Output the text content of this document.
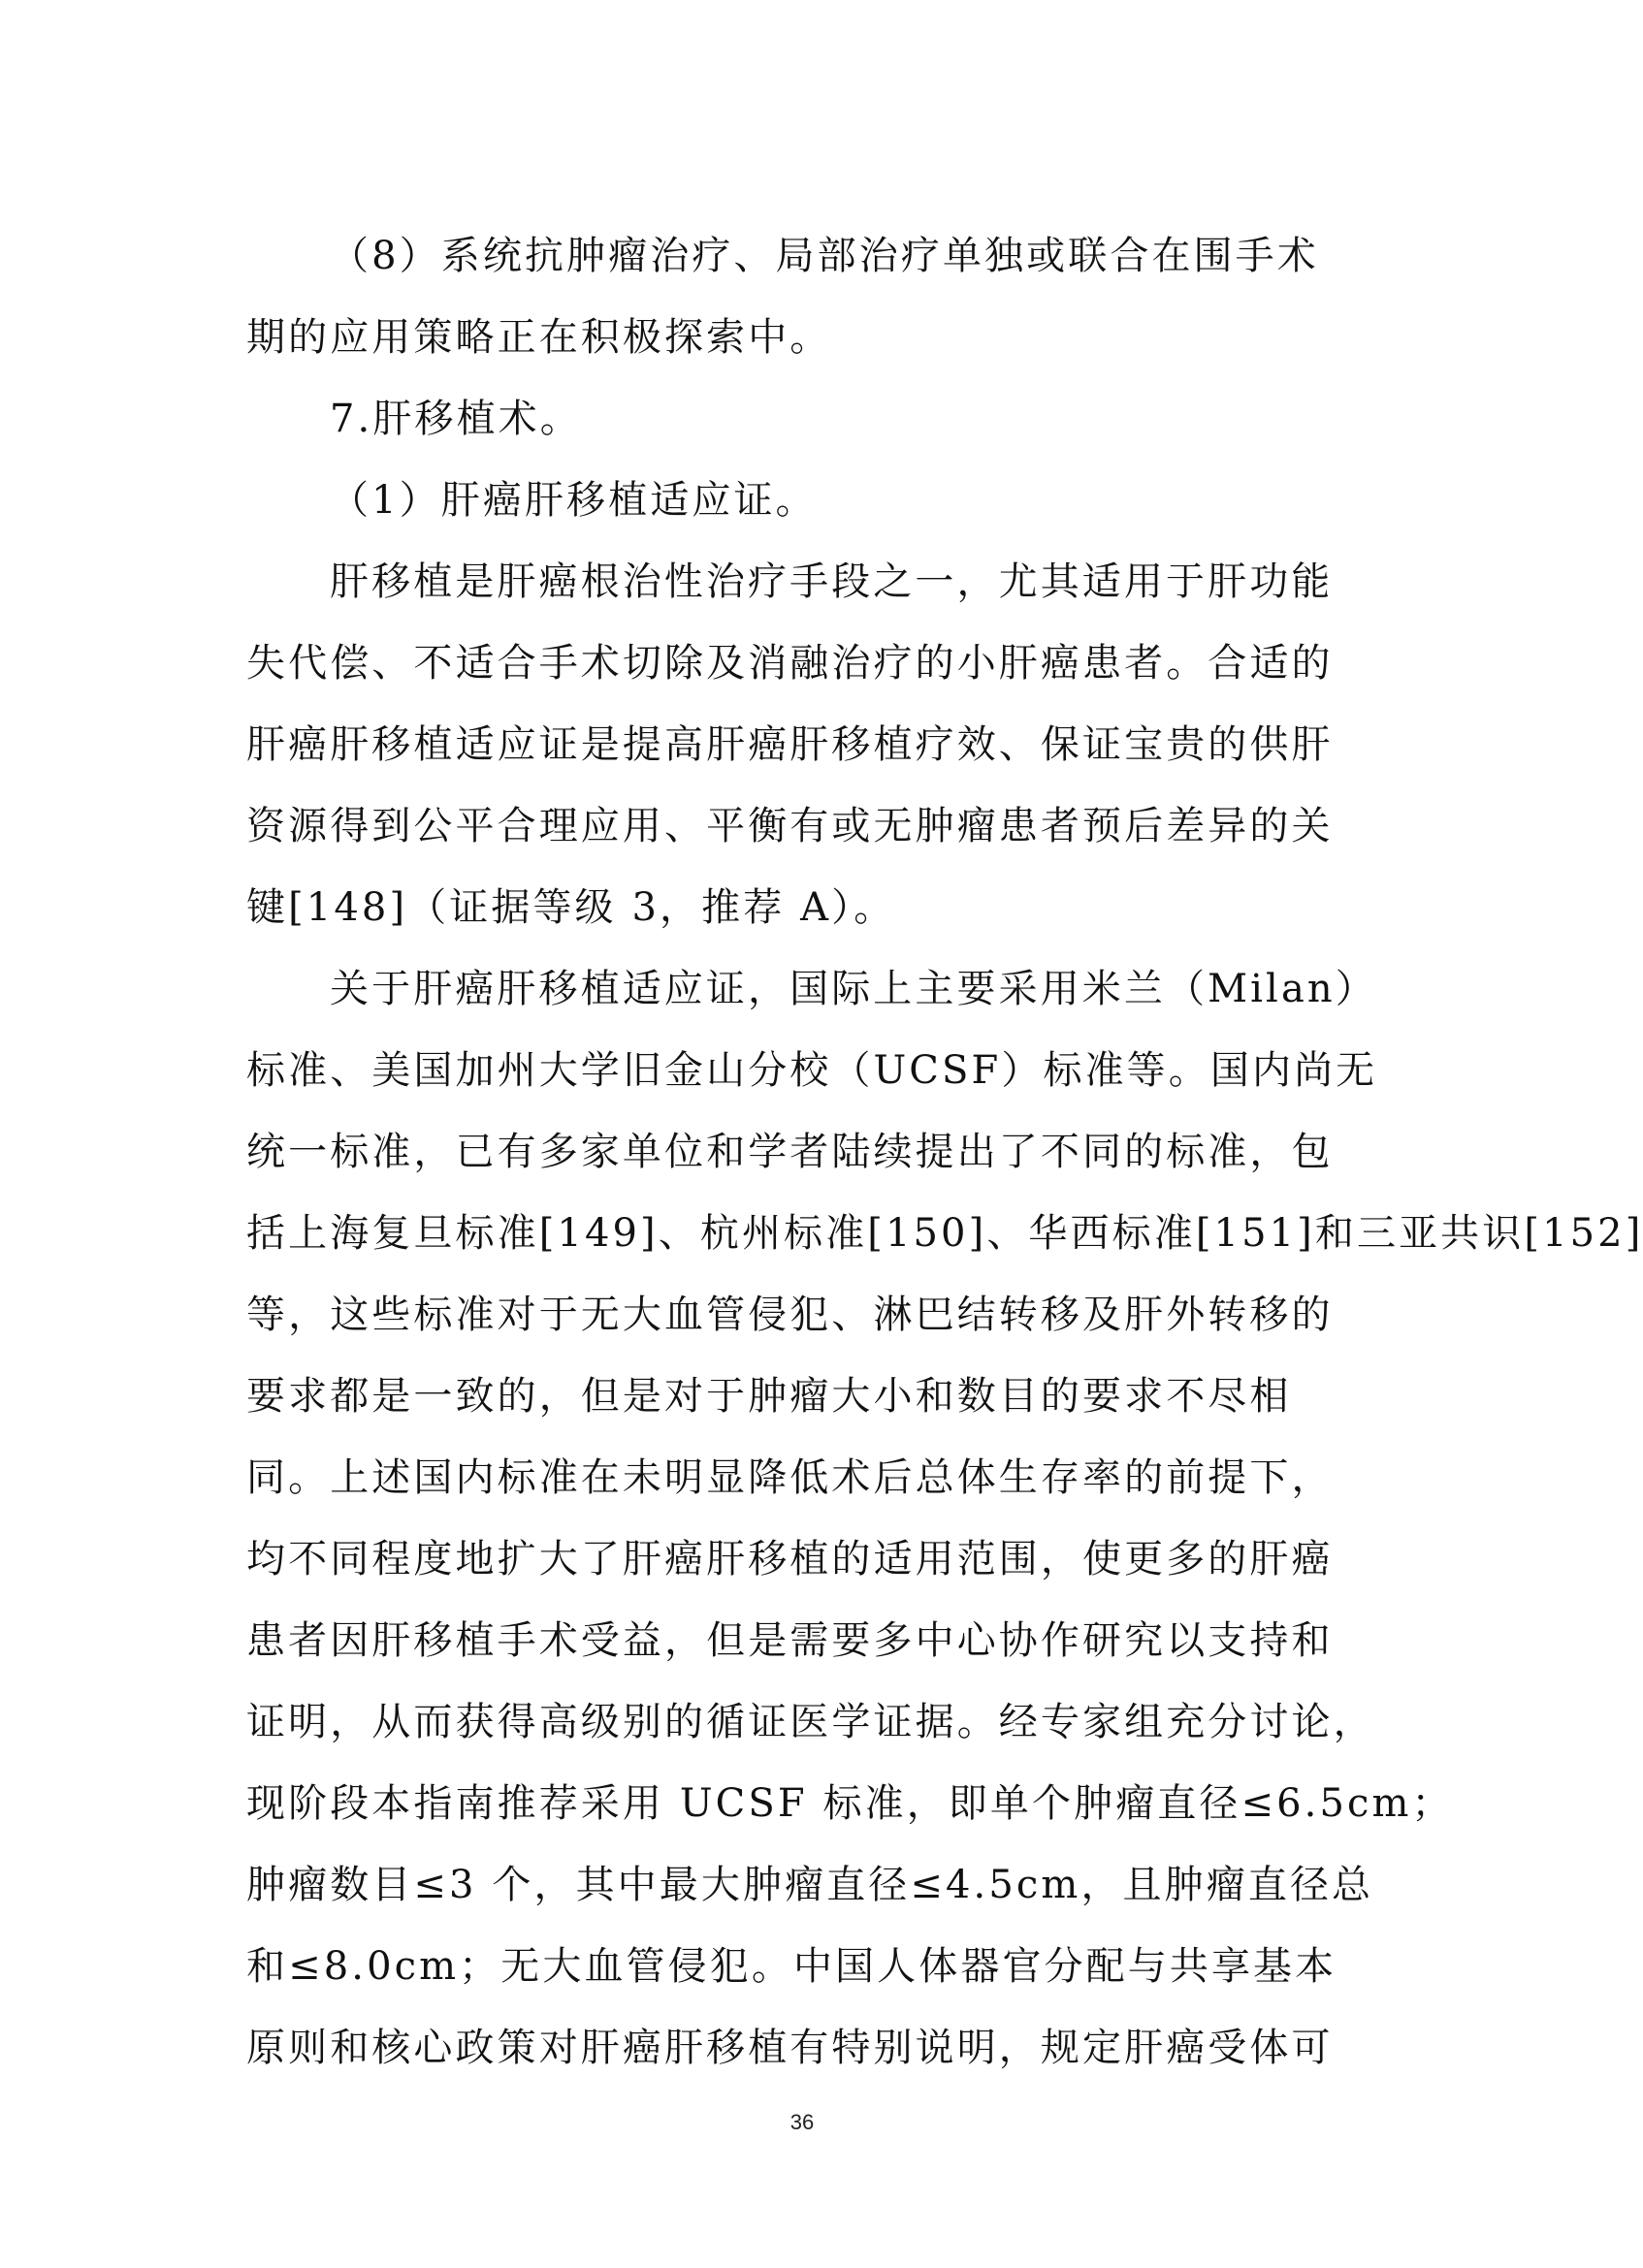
（8）系统抗肿瘤治疗、局部治疗单独或联合在围手术
期的应用策略正在积极探索中。
7.肝移植术。
（1）肝癌肝移植适应证。
肝移植是肝癌根治性治疗手段之一，尤其适用于肝功能
失代偿、不适合手术切除及消融治疗的小肝癌患者。合适的
肝癌肝移植适应证是提高肝癌肝移植疗效、保证宝贵的供肝
资源得到公平合理应用、平衡有或无肿瘤患者预后差异的关
键[148]（证据等级 3，推荐 A）。
关于肝癌肝移植适应证，国际上主要采用米兰（Milan）
标准、美国加州大学旧金山分校（UCSF）标准等。国内尚无
统一标准，已有多家单位和学者陆续提出了不同的标准，包
括上海复旦标准[149]、杭州标准[150]、华西标准[151]和三亚共识[152]
等，这些标准对于无大血管侵犯、淋巴结转移及肝外转移的
要求都是一致的，但是对于肿瘤大小和数目的要求不尽相
同。上述国内标准在未明显降低术后总体生存率的前提下，
均不同程度地扩大了肝癌肝移植的适用范围，使更多的肝癌
患者因肝移植手术受益，但是需要多中心协作研究以支持和
证明，从而获得高级别的循证医学证据。经专家组充分讨论，
现阶段本指南推荐采用 UCSF 标准，即单个肿瘤直径≤6.5cm；
肿瘤数目≤3 个，其中最大肿瘤直径≤4.5cm，且肿瘤直径总
和≤8.0cm；无大血管侵犯。中国人体器官分配与共享基本
原则和核心政策对肝癌肝移植有特别说明，规定肝癌受体可
36
